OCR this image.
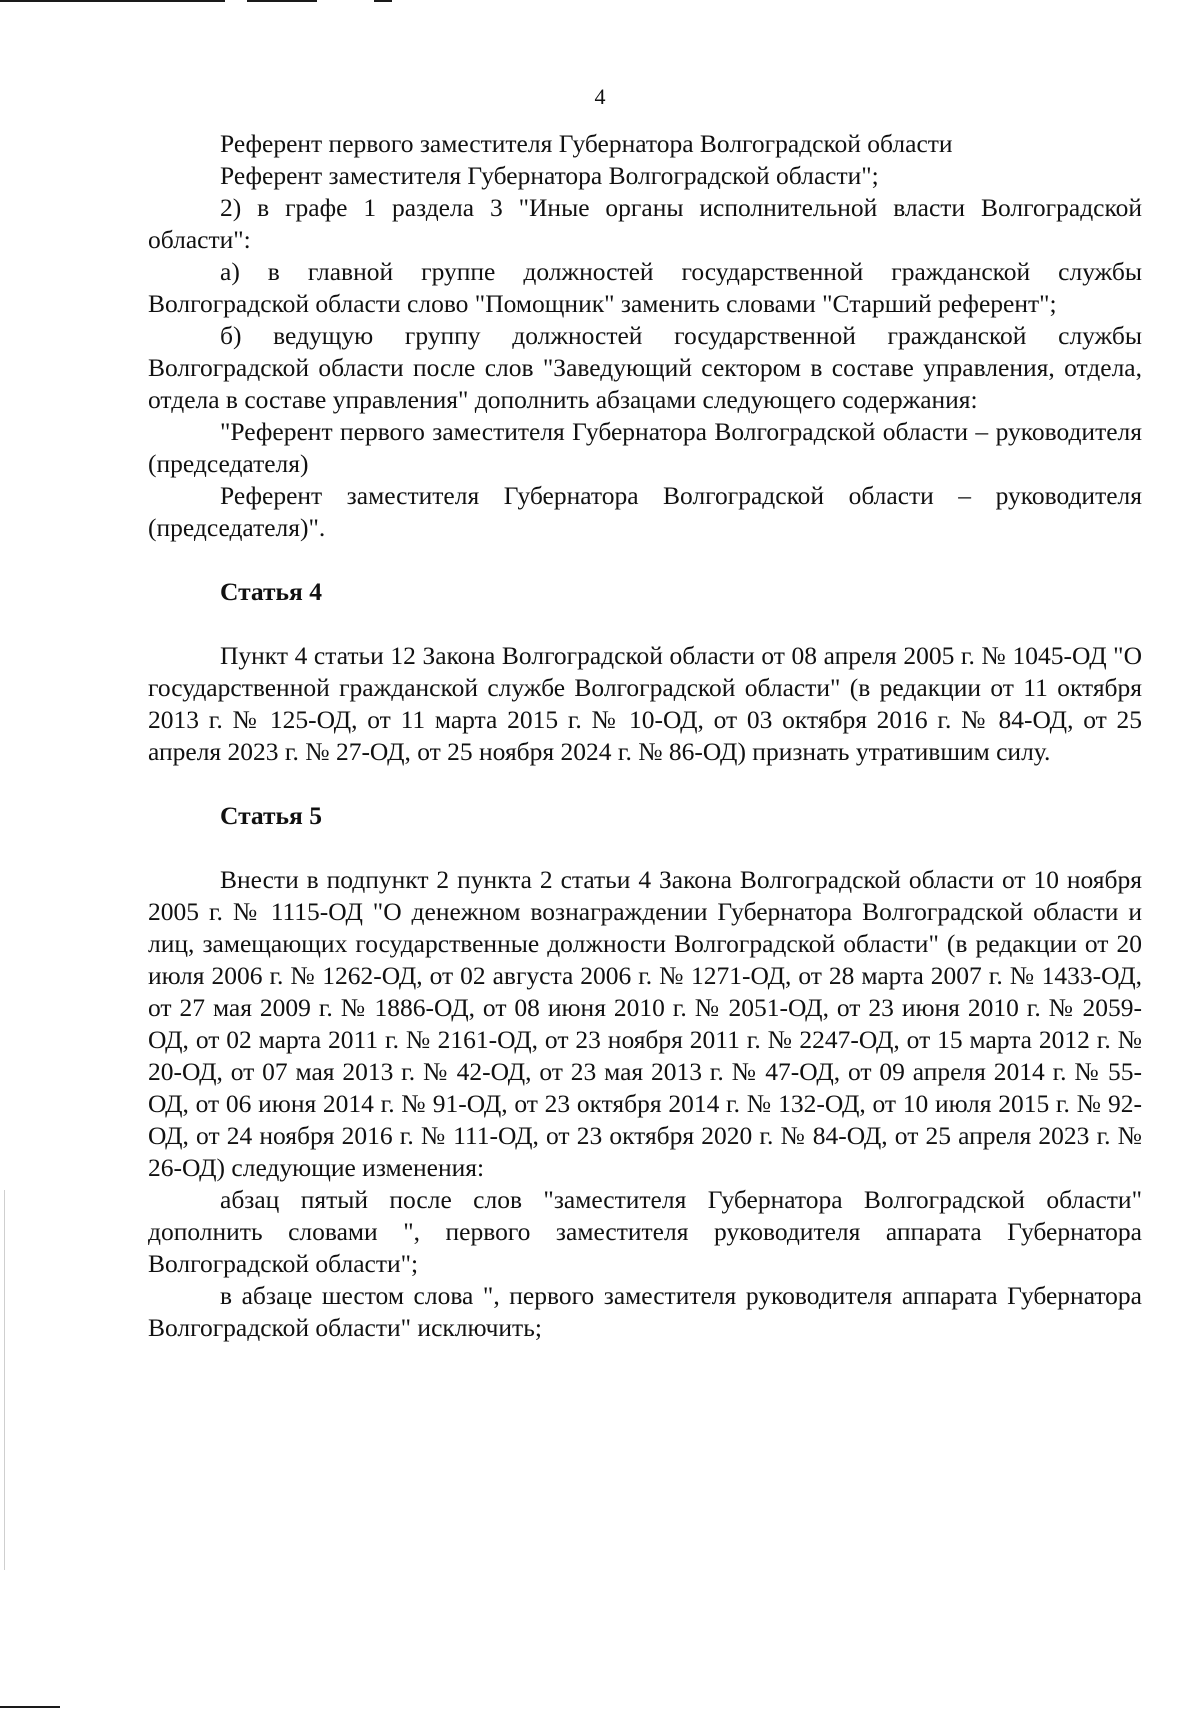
4

Референт первого заместителя Губернатора Волгоградской области

Референт заместителя Губернатора Волгоградской области";

2) в графе 1 раздела 3 "Иные органы исполнительной власти Волгоградской области":

а) в главной группе должностей государственной гражданской службы Волгоградской области слово "Помощник" заменить словами "Старший референт";

б) ведущую группу должностей государственной гражданской службы Волгоградской области после слов "Заведующий сектором в составе управления, отдела, отдела в составе управления" дополнить абзацами следующего содержания:

"Референт первого заместителя Губернатора Волгоградской области – руководителя (председателя)

Референт заместителя Губернатора Волгоградской области – руководителя (председателя)".

Статья 4

Пункт 4 статьи 12 Закона Волгоградской области от 08 апреля 2005 г. № 1045-ОД "О государственной гражданской службе Волгоградской области" (в редакции от 11 октября 2013 г. № 125-ОД, от 11 марта 2015 г. № 10-ОД, от 03 октября 2016 г. № 84-ОД, от 25 апреля 2023 г. № 27-ОД, от 25 ноября 2024 г. № 86-ОД) признать утратившим силу.

Статья 5

Внести в подпункт 2 пункта 2 статьи 4 Закона Волгоградской области от 10 ноября 2005 г. № 1115-ОД "О денежном вознаграждении Губернатора Волгоградской области и лиц, замещающих государственные должности Волгоградской области" (в редакции от 20 июля 2006 г. № 1262-ОД, от 02 августа 2006 г. № 1271-ОД, от 28 марта 2007 г. № 1433-ОД, от 27 мая 2009 г. № 1886-ОД, от 08 июня 2010 г. № 2051-ОД, от 23 июня 2010 г. № 2059-ОД, от 02 марта 2011 г. № 2161-ОД, от 23 ноября 2011 г. № 2247-ОД, от 15 марта 2012 г. № 20-ОД, от 07 мая 2013 г. № 42-ОД, от 23 мая 2013 г. № 47-ОД, от 09 апреля 2014 г. № 55-ОД, от 06 июня 2014 г. № 91-ОД, от 23 октября 2014 г. № 132-ОД, от 10 июля 2015 г. № 92-ОД, от 24 ноября 2016 г. № 111-ОД, от 23 октября 2020 г. № 84-ОД, от 25 апреля 2023 г. № 26-ОД) следующие изменения:

абзац пятый после слов "заместителя Губернатора Волгоградской области" дополнить словами ", первого заместителя руководителя аппарата Губернатора Волгоградской области";

в абзаце шестом слова ", первого заместителя руководителя аппарата Губернатора Волгоградской области" исключить;
